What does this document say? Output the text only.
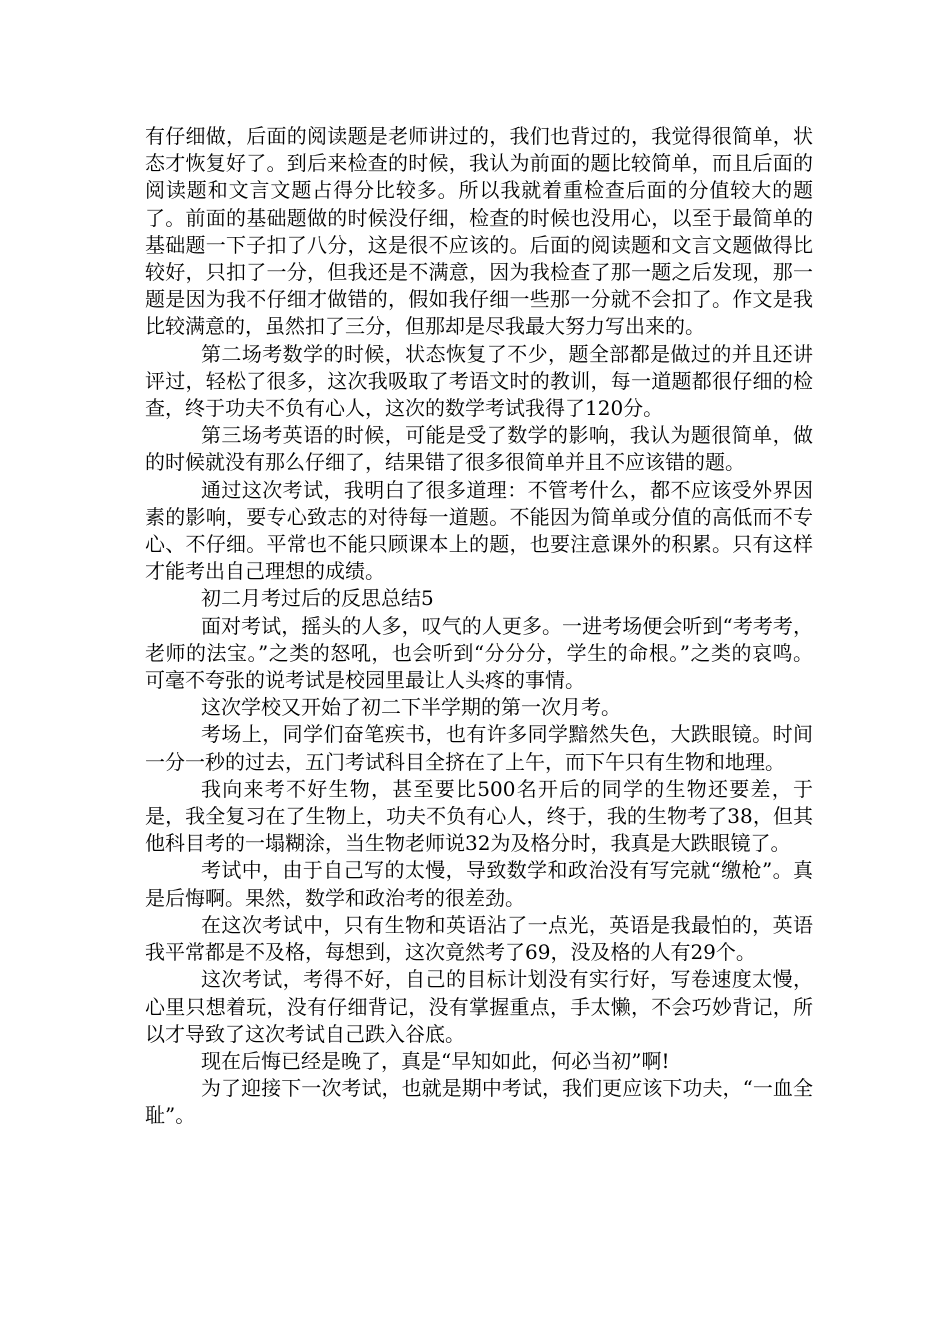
有仔细做，后面的阅读题是老师讲过的，我们也背过的，我觉得很简单，状态才恢复好了。到后来检查的时候，我认为前面的题比较简单，而且后面的阅读题和文言文题占得分比较多。所以我就着重检查后面的分值较大的题了。前面的基础题做的时候没仔细，检查的时候也没用心，以至于最简单的基础题一下子扣了八分，这是很不应该的。后面的阅读题和文言文题做得比较好，只扣了一分，但我还是不满意，因为我检查了那一题之后发现，那一题是因为我不仔细才做错的，假如我仔细一些那一分就不会扣了。作文是我比较满意的，虽然扣了三分，但那却是尽我最大努力写出来的。

第二场考数学的时候，状态恢复了不少，题全部都是做过的并且还讲评过，轻松了很多，这次我吸取了考语文时的教训，每一道题都很仔细的检查，终于功夫不负有心人，这次的数学考试我得了120分。

第三场考英语的时候，可能是受了数学的影响，我认为题很简单，做的时候就没有那么仔细了，结果错了很多很简单并且不应该错的题。

通过这次考试，我明白了很多道理：不管考什么，都不应该受外界因素的影响，要专心致志的对待每一道题。不能因为简单或分值的高低而不专心、不仔细。平常也不能只顾课本上的题，也要注意课外的积累。只有这样才能考出自己理想的成绩。

初二月考过后的反思总结5

面对考试，摇头的人多，叹气的人更多。一进考场便会听到“考考考，老师的法宝。”之类的怒吼，也会听到“分分分，学生的命根。”之类的哀鸣。可毫不夸张的说考试是校园里最让人头疼的事情。

这次学校又开始了初二下半学期的第一次月考。

考场上，同学们奋笔疾书，也有许多同学黯然失色，大跌眼镜。时间一分一秒的过去，五门考试科目全挤在了上午，而下午只有生物和地理。

我向来考不好生物，甚至要比500名开后的同学的生物还要差，于是，我全复习在了生物上，功夫不负有心人，终于，我的生物考了38，但其他科目考的一塌糊涂，当生物老师说32为及格分时，我真是大跌眼镜了。

考试中，由于自己写的太慢，导致数学和政治没有写完就“缴枪”。真是后悔啊。果然，数学和政治考的很差劲。

在这次考试中，只有生物和英语沾了一点光，英语是我最怕的，英语我平常都是不及格，每想到，这次竟然考了69，没及格的人有29个。

这次考试，考得不好，自己的目标计划没有实行好，写卷速度太慢，心里只想着玩，没有仔细背记，没有掌握重点，手太懒，不会巧妙背记，所以才导致了这次考试自己跌入谷底。

现在后悔已经是晚了，真是“早知如此，何必当初”啊!

为了迎接下一次考试，也就是期中考试，我们更应该下功夫，“一血全耻”。
